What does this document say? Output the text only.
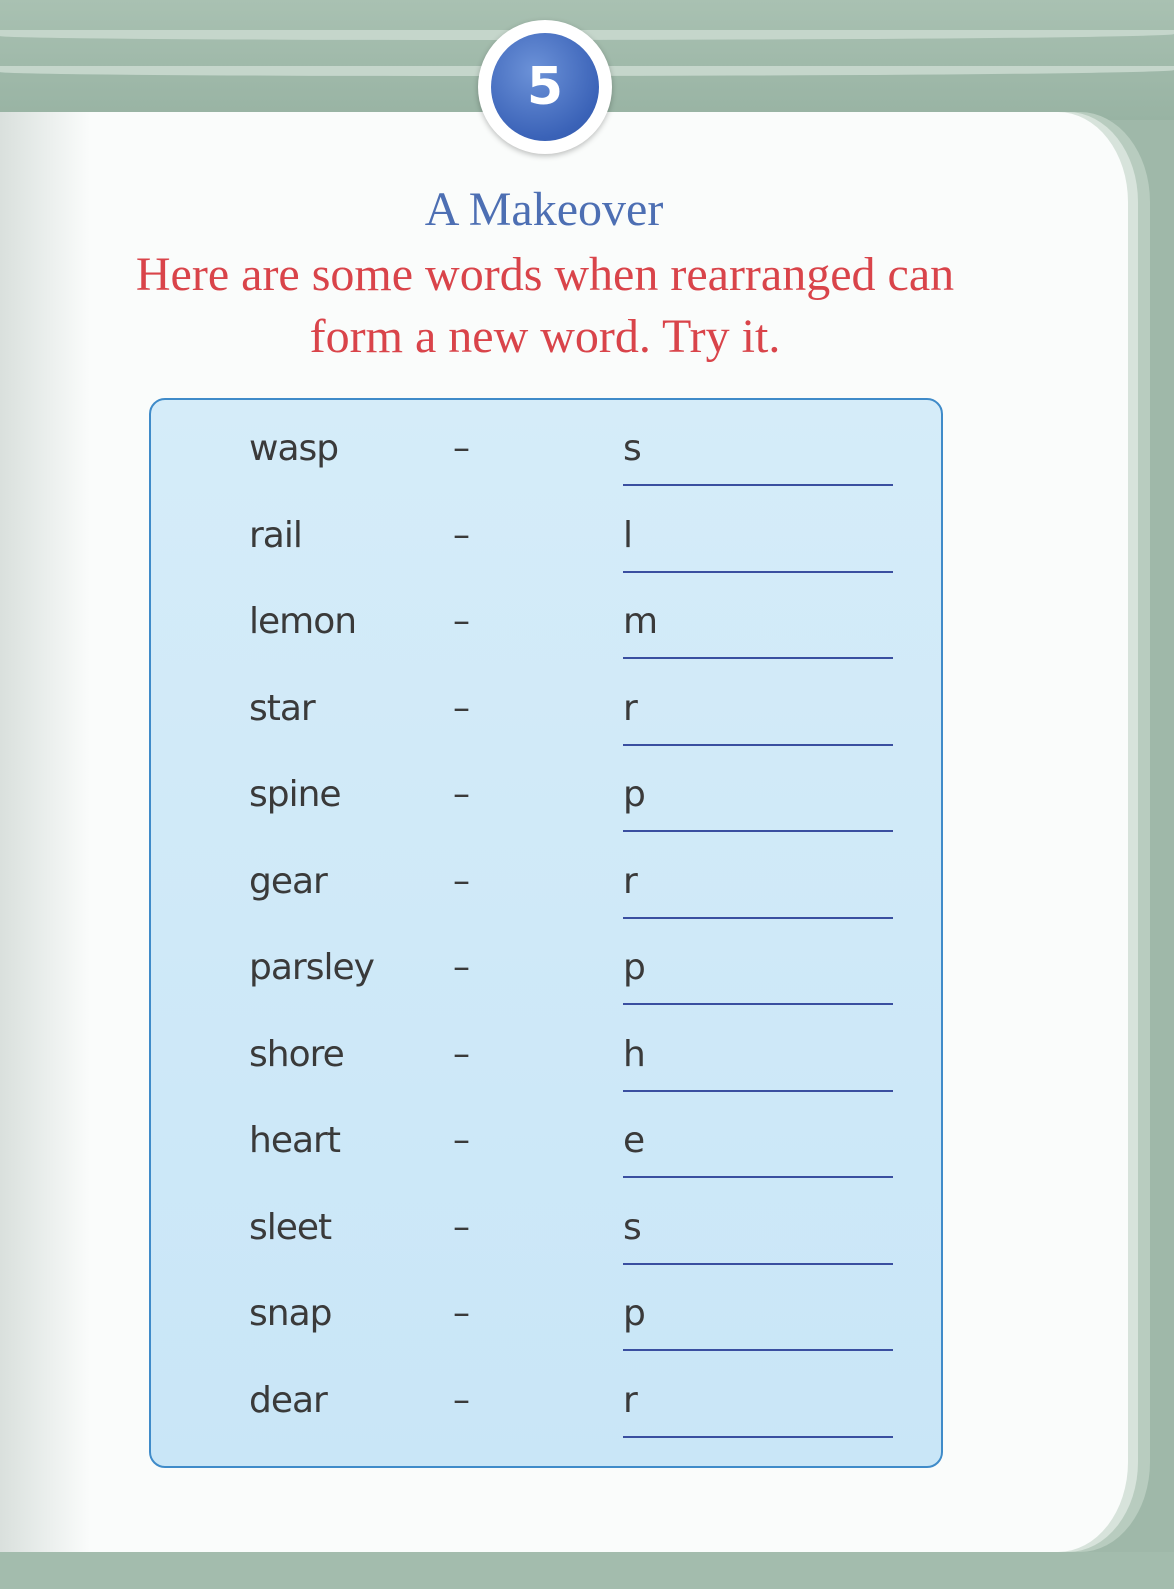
5
A Makeover
Here are some words when rearranged can
form a new word. Try it.
wasp	–	s
rail	–	l
lemon	–	m
star	–	r
spine	–	p
gear	–	r
parsley –	p
shore	–	h
heart	–	e
sleet	–	s
snap	–	p
dear	–	r
